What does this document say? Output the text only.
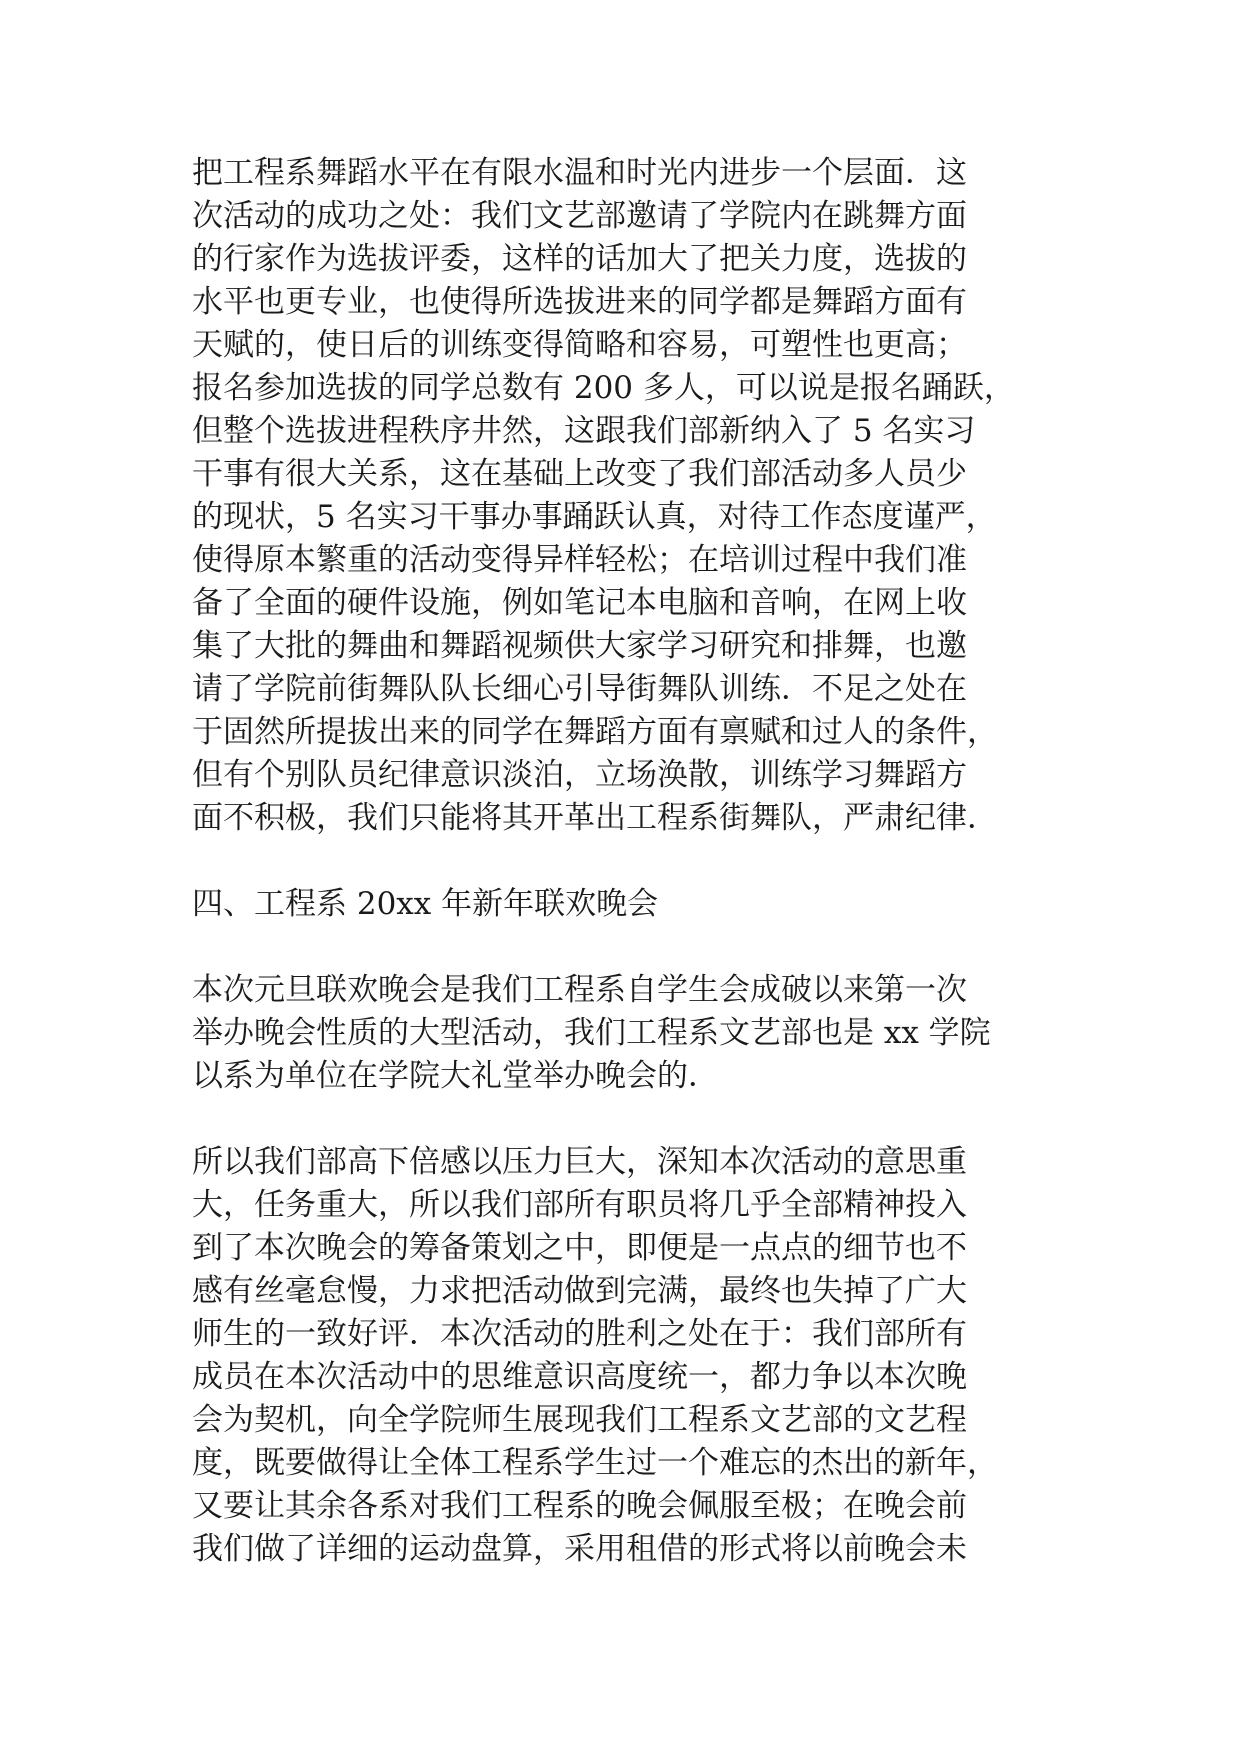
把工程系舞蹈水平在有限水温和时光内进步一个层面．这
次活动的成功之处：我们文艺部邀请了学院内在跳舞方面
的行家作为选拔评委，这样的话加大了把关力度，选拔的
水平也更专业，也使得所选拔进来的同学都是舞蹈方面有
天赋的，使日后的训练变得简略和容易，可塑性也更高；
报名参加选拔的同学总数有 200 多人，可以说是报名踊跃，
但整个选拔进程秩序井然，这跟我们部新纳入了 5 名实习
干事有很大关系，这在基础上改变了我们部活动多人员少
的现状，5 名实习干事办事踊跃认真，对待工作态度谨严，
使得原本繁重的活动变得异样轻松；在培训过程中我们准
备了全面的硬件设施，例如笔记本电脑和音响，在网上收
集了大批的舞曲和舞蹈视频供大家学习研究和排舞，也邀
请了学院前街舞队队长细心引导街舞队训练．不足之处在
于固然所提拔出来的同学在舞蹈方面有禀赋和过人的条件，
但有个别队员纪律意识淡泊，立场涣散，训练学习舞蹈方
面不积极，我们只能将其开革出工程系街舞队，严肃纪律．
四、工程系 20xx 年新年联欢晚会
本次元旦联欢晚会是我们工程系自学生会成破以来第一次
举办晚会性质的大型活动，我们工程系文艺部也是 xx 学院
以系为单位在学院大礼堂举办晚会的．
所以我们部高下倍感以压力巨大，深知本次活动的意思重
大，任务重大，所以我们部所有职员将几乎全部精神投入
到了本次晚会的筹备策划之中，即便是一点点的细节也不
感有丝毫怠慢，力求把活动做到完满，最终也失掉了广大
师生的一致好评．本次活动的胜利之处在于：我们部所有
成员在本次活动中的思维意识高度统一，都力争以本次晚
会为契机，向全学院师生展现我们工程系文艺部的文艺程
度，既要做得让全体工程系学生过一个难忘的杰出的新年，
又要让其余各系对我们工程系的晚会佩服至极；在晚会前
我们做了详细的运动盘算，采用租借的形式将以前晚会未
